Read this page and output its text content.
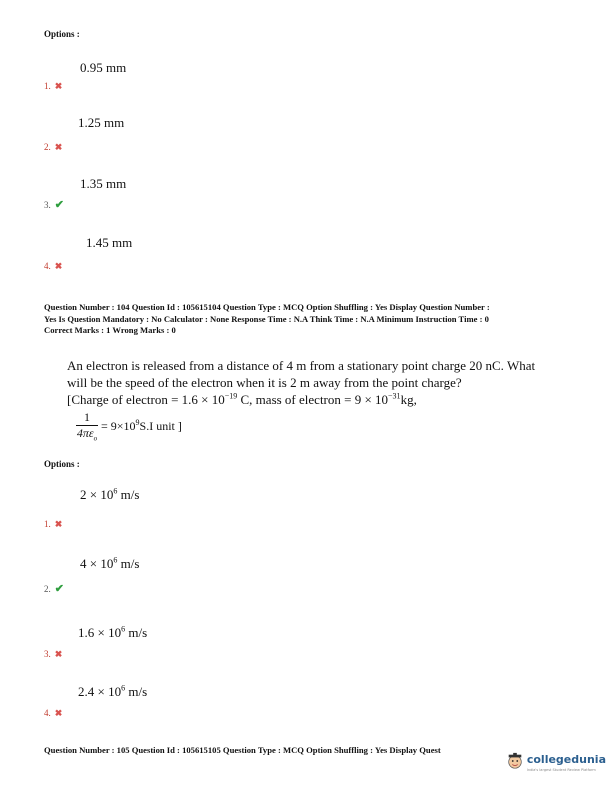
Options :
0.95 mm
1. ✖
1.25 mm
2. ✖
1.35 mm
3. ✔
1.45 mm
4. ✖
Question Number : 104 Question Id : 105615104 Question Type : MCQ Option Shuffling : Yes Display Question Number :
Yes Is Question Mandatory : No Calculator : None Response Time : N.A Think Time : N.A Minimum Instruction Time : 0
Correct Marks : 1 Wrong Marks : 0
An electron is released from a distance of 4 m from a stationary point charge 20 nC. What
will be the speed of the electron when it is 2 m away from the point charge?
[Charge of electron = $1.6 \times 10^{-19}$ C, mass of electron = $9 \times 10^{-31}kg$,
$\frac{1}{4\pi\varepsilon_o} = 9\times 10^9S.I$ unit ]
Options :
$2 \times 10^6$ m/s
1. ✖
$4 \times 10^6$ m/s
2. ✔
$1.6 \times 10^6$ m/s
3. ✖
$2.4 \times 10^6$ m/s
4. ✖
Question Number : 105 Question Id : 105615105 Question Type : MCQ Option Shuffling : Yes Display Quest
collegedunia
India's largest Student Review Platform
